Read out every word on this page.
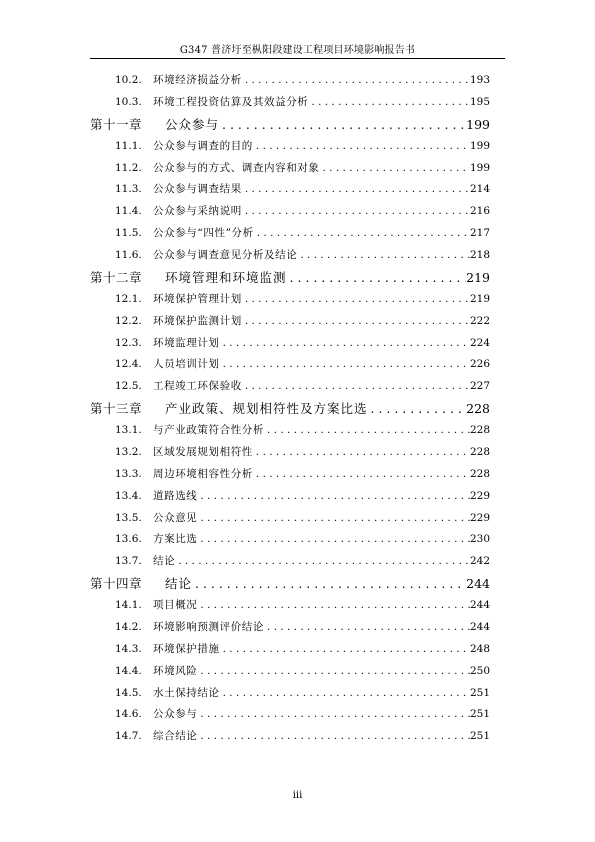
G347 普济圩至枞阳段建设工程项目环境影响报告书
10.2.	环境经济损益分析 . . .	193
10.3.	环境工程投资估算及其效益分析 . . .	195
第十一章	公众参与 . . .	199
11.1.	公众参与调查的目的 . . .	199
11.2.	公众参与的方式、调查内容和对象 . . .	199
11.3.	公众参与调查结果 . . .	214
11.4.	公众参与采纳说明 . . .	216
11.5.	公众参与“四性”分析 . . .	217
11.6.	公众参与调查意见分析及结论 . . .	218
第十二章	环境管理和环境监测 . . .	219
12.1.	环境保护管理计划 . . .	219
12.2.	环境保护监测计划 . . .	222
12.3.	环境监理计划 . . .	224
12.4.	人员培训计划 . . .	226
12.5.	工程竣工环保验收 . . .	227
第十三章	产业政策、规划相符性及方案比选 . . .	228
13.1.	与产业政策符合性分析 . . .	228
13.2.	区域发展规划相符性 . . .	228
13.3.	周边环境相容性分析 . . .	228
13.4.	道路选线 . . .	229
13.5.	公众意见 . . .	229
13.6.	方案比选 . . .	230
13.7.	结论 . . .	242
第十四章	结论 . . .	244
14.1.	项目概况 . . .	244
14.2.	环境影响预测评价结论 . . .	244
14.3.	环境保护措施 . . .	248
14.4.	环境风险 . . .	250
14.5.	水土保持结论 . . .	251
14.6.	公众参与 . . .	251
14.7.	综合结论 . . .	251
iii
